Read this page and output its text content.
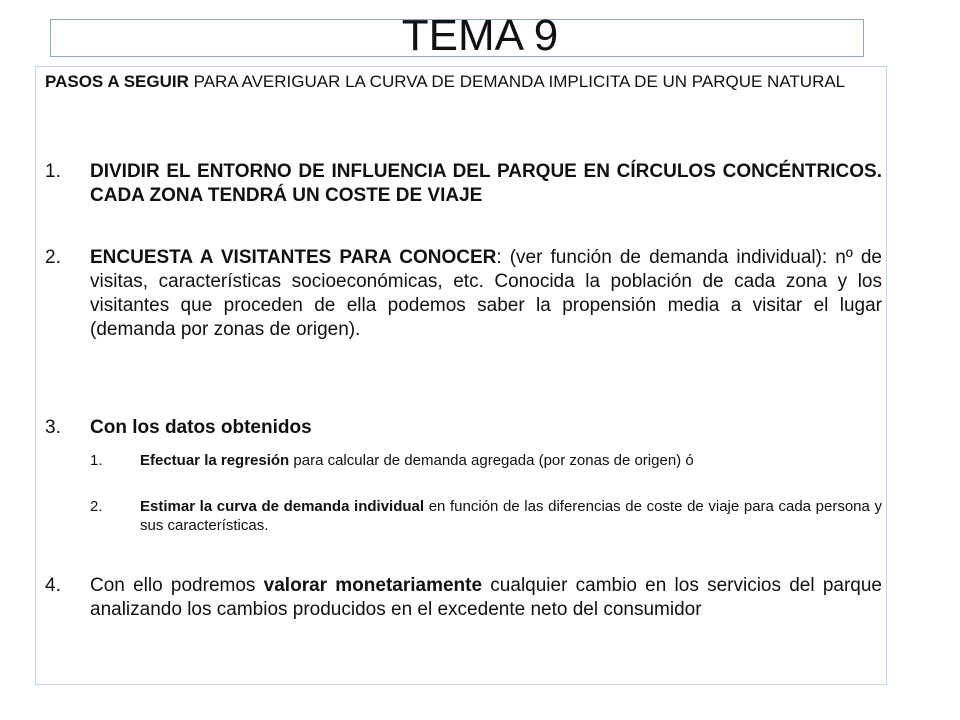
TEMA 9

PASOS A SEGUIR PARA AVERIGUAR LA CURVA DE DEMANDA IMPLICITA DE UN PARQUE NATURAL

1. DIVIDIR EL ENTORNO DE INFLUENCIA DEL PARQUE EN CÍRCULOS CONCÉNTRICOS. CADA ZONA TENDRÁ UN COSTE DE VIAJE

2. ENCUESTA A VISITANTES PARA CONOCER: (ver función de demanda individual): nº de visitas, características socioeconómicas, etc. Conocida la población de cada zona y los visitantes que proceden de ella podemos saber la propensión media a visitar el lugar (demanda por zonas de origen).

3. Con los datos obtenidos

1. Efectuar la regresión para calcular de demanda agregada (por zonas de origen) ó

2. Estimar la curva de demanda individual en función de las diferencias de coste de viaje para cada persona y sus características.

4. Con ello podremos valorar monetariamente cualquier cambio en los servicios del parque analizando los cambios producidos en el excedente neto del consumidor
